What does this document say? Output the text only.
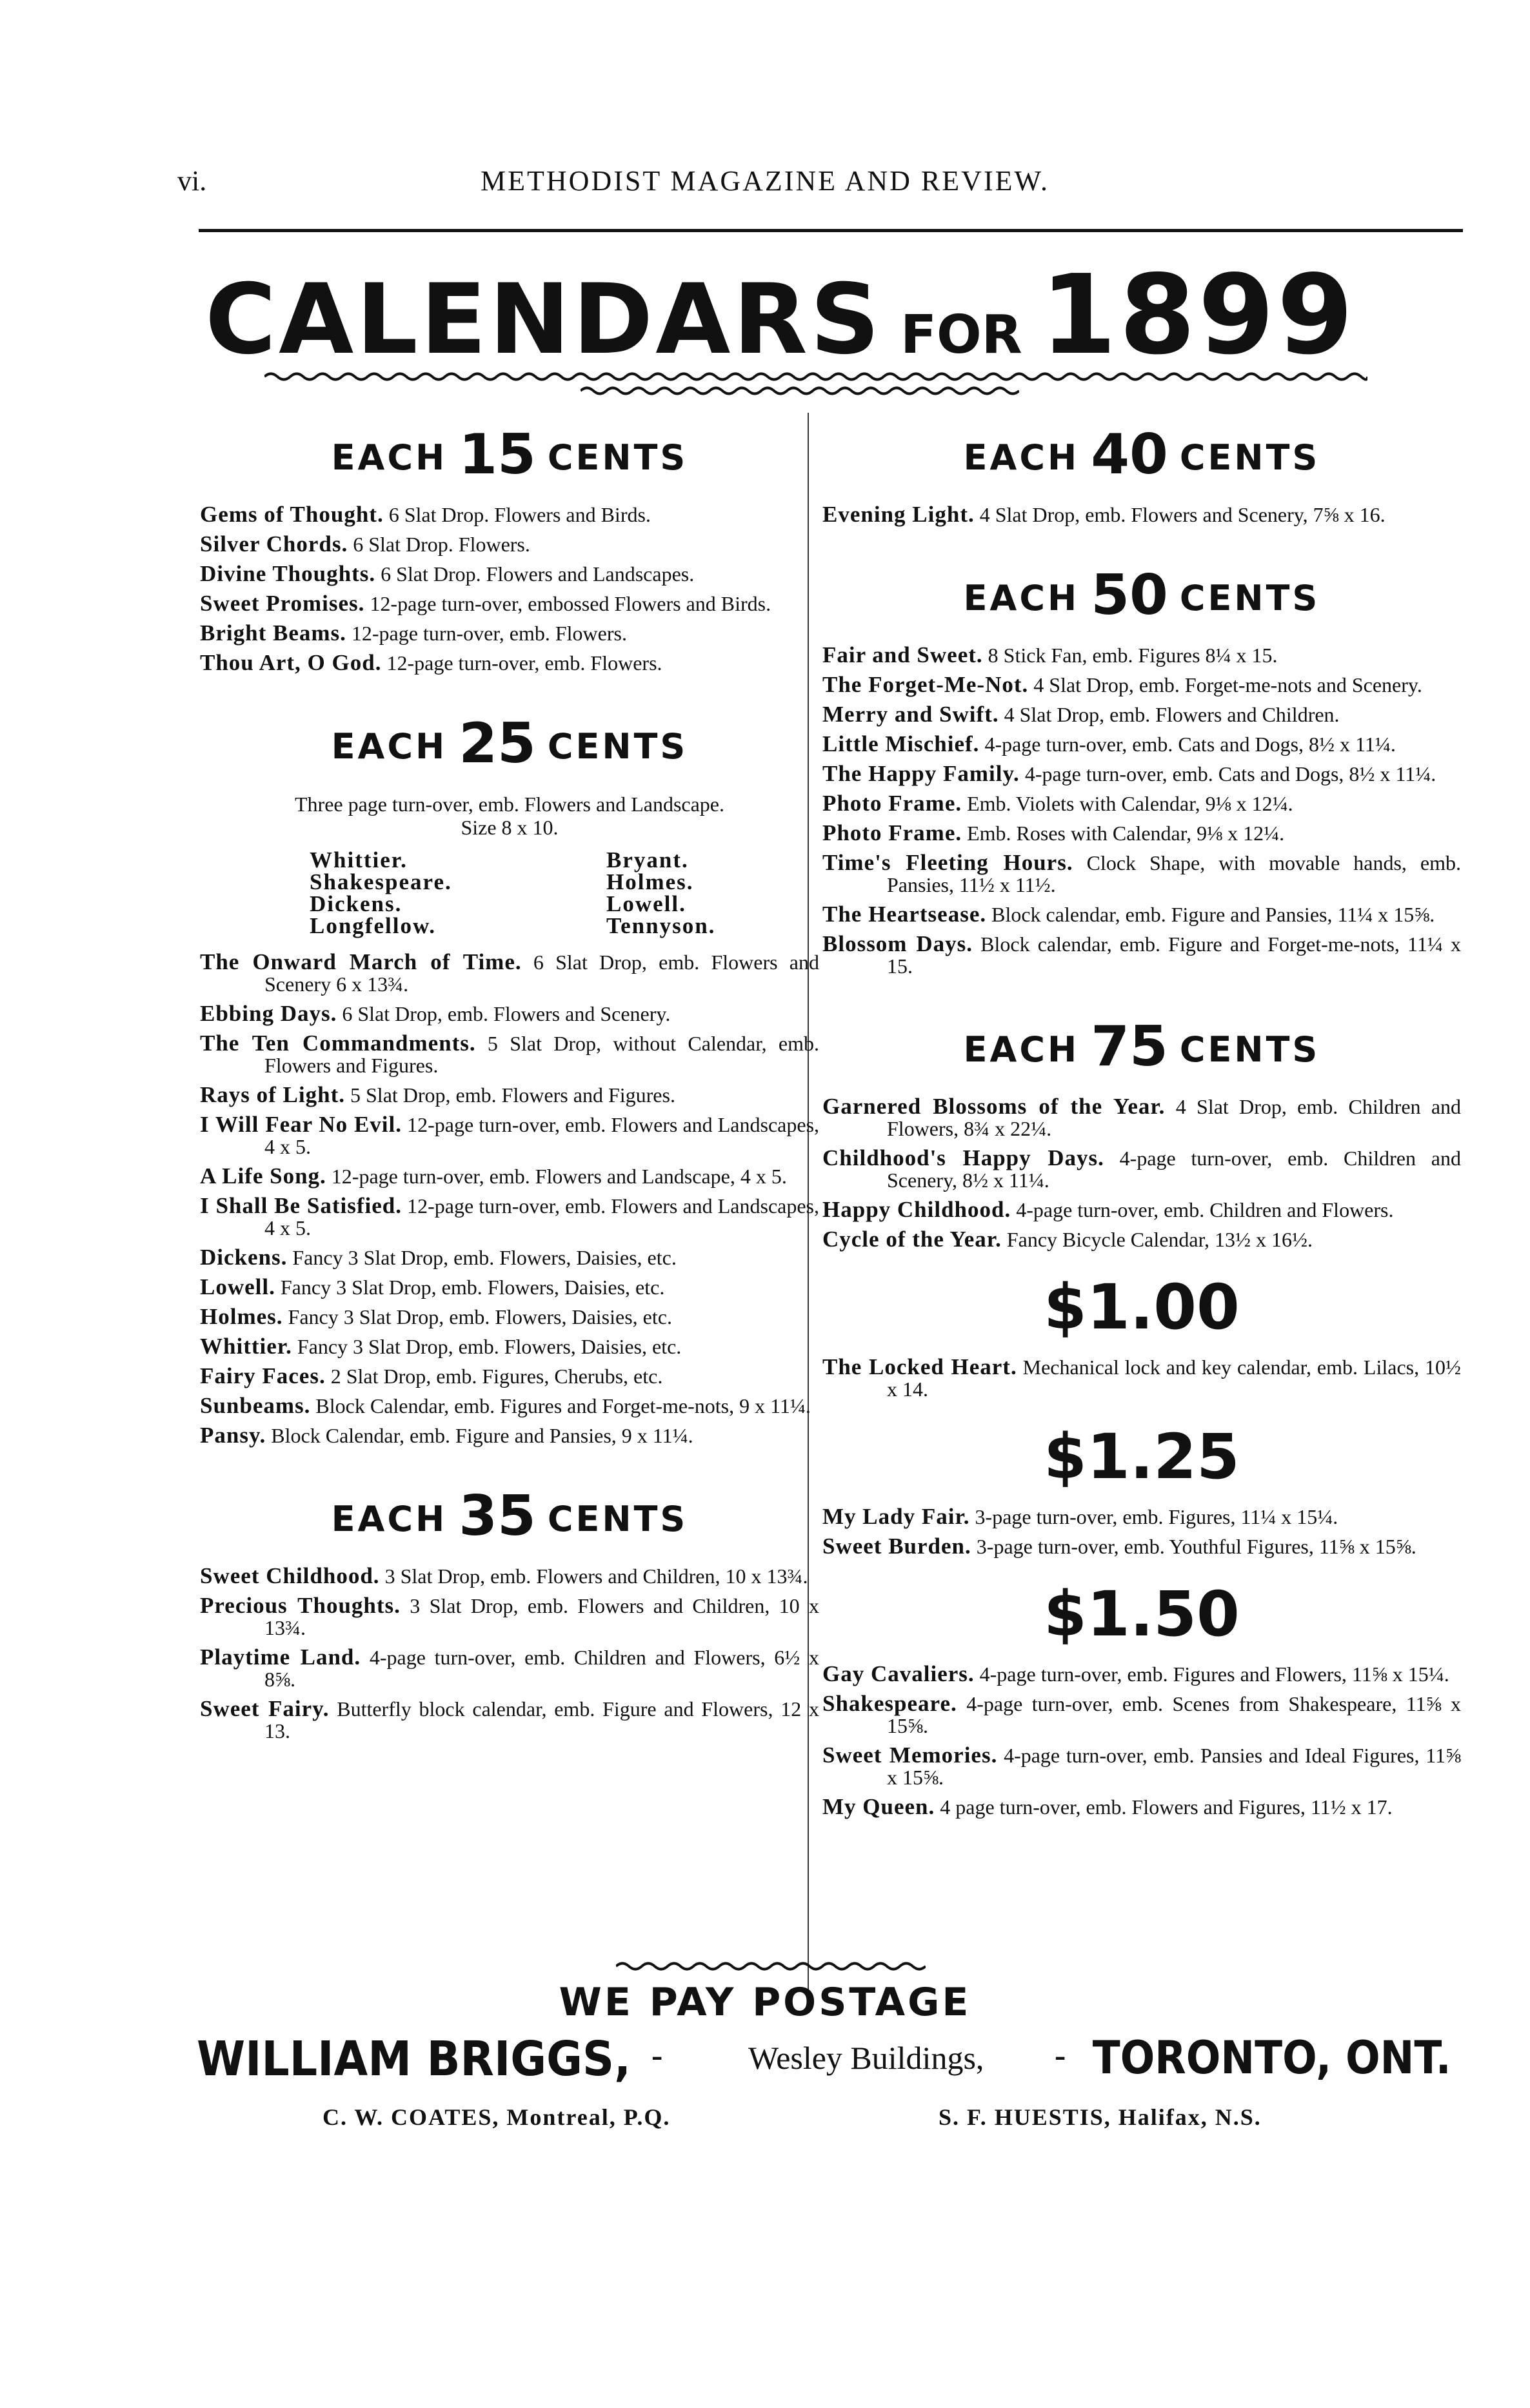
vi.	METHODIST MAGAZINE AND REVIEW.
CALENDARS FOR 1899
EACH 15 CENTS

Gems of Thought. 6 Slat Drop. Flowers and Birds.

Silver Chords. 6 Slat Drop. Flowers.

Divine Thoughts. 6 Slat Drop. Flowers and Landscapes.

Sweet Promises. 12-page turn-over, embossed Flowers and Birds.

Bright Beams. 12-page turn-over, emb. Flowers.

Thou Art, O God. 12-page turn-over, emb. Flowers.

EACH 25 CENTS
Three page turn-over, emb. Flowers and Landscape.
Size 8 x 10.
Whittier.	Bryant.
Shakespeare.	Holmes.
Dickens.	Lowell.
Longfellow.	Tennyson.

The Onward March of Time. 6 Slat Drop, emb. Flowers and Scenery 6 x 13¾.

Ebbing Days. 6 Slat Drop, emb. Flowers and Scenery.

The Ten Commandments. 5 Slat Drop, without Calendar, emb. Flowers and Figures.

Rays of Light. 5 Slat Drop, emb. Flowers and Figures.

I Will Fear No Evil. 12-page turn-over, emb. Flowers and Landscapes, 4 x 5.

A Life Song. 12-page turn-over, emb. Flowers and Landscape, 4 x 5.

I Shall Be Satisfied. 12-page turn-over, emb. Flowers and Landscapes, 4 x 5.

Dickens. Fancy 3 Slat Drop, emb. Flowers, Daisies, etc.

Lowell. Fancy 3 Slat Drop, emb. Flowers, Daisies, etc.

Holmes. Fancy 3 Slat Drop, emb. Flowers, Daisies, etc.

Whittier. Fancy 3 Slat Drop, emb. Flowers, Daisies, etc.

Fairy Faces. 2 Slat Drop, emb. Figures, Cherubs, etc.

Sunbeams. Block Calendar, emb. Figures and Forget-me-nots, 9 x 11¼.

Pansy. Block Calendar, emb. Figure and Pansies, 9 x 11¼.

EACH 35 CENTS

Sweet Childhood. 3 Slat Drop, emb. Flowers and Children, 10 x 13¾.

Precious Thoughts. 3 Slat Drop, emb. Flowers and Children, 10 x 13¾.

Playtime Land. 4-page turn-over, emb. Children and Flowers, 6½ x 8⅝.

Sweet Fairy. Butterfly block calendar, emb. Figure and Flowers, 12 x 13.

EACH 40 CENTS

Evening Light. 4 Slat Drop, emb. Flowers and Scenery, 7⅝ x 16.

EACH 50 CENTS

Fair and Sweet. 8 Stick Fan, emb. Figures 8¼ x 15.

The Forget-Me-Not. 4 Slat Drop, emb. Forget-me-nots and Scenery.

Merry and Swift. 4 Slat Drop, emb. Flowers and Children.

Little Mischief. 4-page turn-over, emb. Cats and Dogs, 8½ x 11¼.

The Happy Family. 4-page turn-over, emb. Cats and Dogs, 8½ x 11¼.

Photo Frame. Emb. Violets with Calendar, 9⅛ x 12¼.

Photo Frame. Emb. Roses with Calendar, 9⅛ x 12¼.

Time's Fleeting Hours. Clock Shape, with movable hands, emb. Pansies, 11½ x 11½.

The Heartsease. Block calendar, emb. Figure and Pansies, 11¼ x 15⅝.

Blossom Days. Block calendar, emb. Figure and Forget-me-nots, 11¼ x 15.

EACH 75 CENTS

Garnered Blossoms of the Year. 4 Slat Drop, emb. Children and Flowers, 8¾ x 22¼.

Childhood's Happy Days. 4-page turn-over, emb. Children and Scenery, 8½ x 11¼.

Happy Childhood. 4-page turn-over, emb. Children and Flowers.

Cycle of the Year. Fancy Bicycle Calendar, 13½ x 16½.

$1.00

The Locked Heart. Mechanical lock and key calendar, emb. Lilacs, 10½ x 14.

$1.25

My Lady Fair. 3-page turn-over, emb. Figures, 11¼ x 15¼.

Sweet Burden. 3-page turn-over, emb. Youthful Figures, 11⅝ x 15⅝.

$1.50

Gay Cavaliers. 4-page turn-over, emb. Figures and Flowers, 11⅝ x 15¼.

Shakespeare. 4-page turn-over, emb. Scenes from Shakespeare, 11⅝ x 15⅝.

Sweet Memories. 4-page turn-over, emb. Pansies and Ideal Figures, 11⅝ x 15⅝.

My Queen. 4 page turn-over, emb. Flowers and Figures, 11½ x 17.

WE PAY POSTAGE
WILLIAM BRIGGS, -	Wesley Buildings, - TORONTO, ONT.
C. W. COATES, Montreal, P.Q.	S. F. HUESTIS, Halifax, N.S.
